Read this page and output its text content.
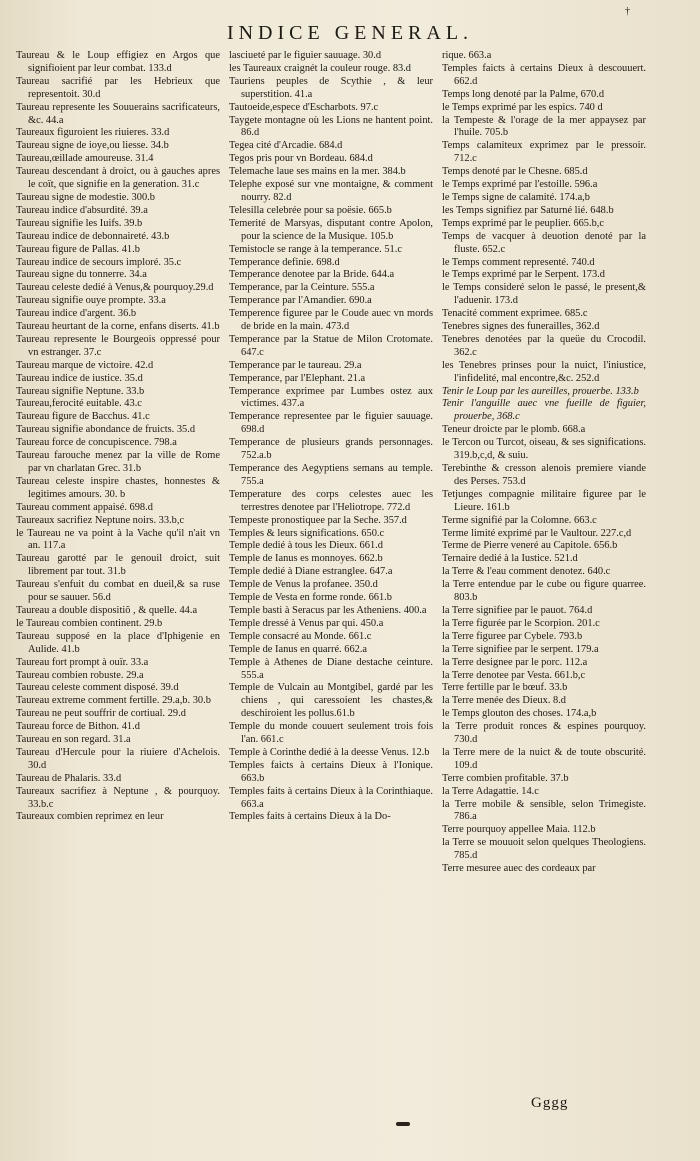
†
INDICE GENERAL.

Taureau & le Loup effigiez en Argos que signifioient par leur combat. 133.d

Taureau sacrifié par les Hebrieux que representoit. 30.d

Taureau represente les Souuerains sacrificateurs, &c. 44.a

Taureaux figuroient les riuieres. 33.d

Taureau signe de ioye,ou liesse. 34.b

Taureau,œillade amoureuse. 31.4

Taureau descendant à droict, ou à gauches apres le coït, que signifie en la generation. 31.c

Taureau signe de modestie. 300.b

Taureau indice d'absurdité. 39.a

Taureau signifie les Iuifs. 39.b

Taureau indice de debonnaireté. 43.b

Taureau figure de Pallas. 41.b

Taureau indice de secours imploré. 35.c

Taureau signe du tonnerre. 34.a

Taureau celeste dedié à Venus,& pourquoy.29.d

Taureau signifie ouye prompte. 33.a

Taureau indice d'argent. 36.b

Taureau heurtant de la corne, enfans diserts. 41.b

Taureau represente le Bourgeois oppressé pour vn estranger. 37.c

Taureau marque de victoire. 42.d

Taureau indice de iustice. 35.d

Taureau signifie Neptune. 33.b

Taureau,ferocité euitable. 43.c

Taureau figure de Bacchus. 41.c

Taureau signifie abondance de fruicts. 35.d

Taureau force de concupiscence. 798.a

Taureau farouche menez par la ville de Rome par vn charlatan Grec. 31.b

Taureau celeste inspire chastes, honnestes & legitimes amours. 30. b

Taureau comment appaisé. 698.d

Taureaux sacrifiez Neptune noirs. 33.b,c

le Taureau ne va point à la Vache qu'il n'ait vn an. 117.a

Taureau garotté par le genouil droict, suit librement par tout. 31.b

Taureau s'enfuit du combat en dueil,& sa ruse pour se sauuer. 56.d

Taureau a double dispositiõ , & quelle. 44.a

le Taureau combien continent. 29.b

Taureau supposé en la place d'Iphigenie en Aulide. 41.b

Taureau fort prompt à ouïr. 33.a

Taureau combien robuste. 29.a

Taureau celeste comment disposé. 39.d

Taureau extreme comment fertille. 29.a,b. 30.b

Taureau ne peut souffrir de cortiual. 29.d

Taureau force de Bithon. 41.d

Taureau en son regard. 31.a

Taureau d'Hercule pour la riuiere d'Achelois. 30.d

Taureau de Phalaris. 33.d

Taureaux sacrifiez à Neptune , & pourquoy. 33.b.c

Taureaux combien reprimez en leur

lasciueté par le figuier sauuage. 30.d

les Taureaux craignét la couleur rouge. 83.d

Tauriens peuples de Scythie , & leur superstition. 41.a

Tautoeide,espece d'Escharbots. 97.c

Taygete montagne où les Lions ne hantent point. 86.d

Tegea cité d'Arcadie. 684.d

Tegos pris pour vn Bordeau. 684.d

Telemache laue ses mains en la mer. 384.b

Telephe exposé sur vne montaigne, & comment nourry. 82.d

Telesilla celebrée pour sa poësie. 665.b

Temerité de Marsyas, disputant contre Apolon, pour la science de la Musique. 105.b

Temistocle se range à la temperance. 51.c

Temperance definie. 698.d

Temperance denotee par la Bride. 644.a

Temperance, par la Ceinture. 555.a

Temperance par l'Amandier. 690.a

Temperence figuree par le Coude auec vn mords de bride en la main. 473.d

Temperance par la Statue de Milon Crotomate. 647.c

Temperance par le taureau. 29.a

Temperance, par l'Elephant. 21.a

Temperance exprimee par Lumbes ostez aux victimes. 437.a

Temperance representee par le figuier sauuage. 698.d

Temperance de plusieurs grands personnages. 752.a.b

Temperance des Aegyptiens semans au temple. 755.a

Temperature des corps celestes auec les terrestres denotee par l'Heliotrope. 772.d

Tempeste pronostiquee par la Seche. 357.d

Temples & leurs significations. 650.c

Temple dedié à tous les Dieux. 661.d

Temple de Ianus es monnoyes. 662.b

Temple dedié à Diane estranglee. 647.a

Temple de Venus la profanee. 350.d

Temple de Vesta en forme ronde. 661.b

Temple basti à Seracus par les Atheniens. 400.a

Temple dressé à Venus par qui. 450.a

Temple consacré au Monde. 661.c

Temple de Ianus en quarré. 662.a

Temple à Athenes de Diane destache ceinture. 555.a

Temple de Vulcain au Montgibel, gardé par les chiens , qui caressoient les chastes,& deschiroient les pollus.61.b

Temple du monde couuert seulement trois fois l'an. 661.c

Temple à Corinthe dedié à la deesse Venus. 12.b

Temples faicts à certains Dieux à l'Ionique. 663.b

Temples faits à certains Dieux à la Corinthiaque. 663.a

Temples faits à certains Dieux à la Do-

rique. 663.a

Temples faicts à certains Dieux à descouuert. 662.d

Temps long denoté par la Palme, 670.d

le Temps exprimé par les espics. 740 d

la Tempeste & l'orage de la mer appaysez par l'huile. 705.b

Temps calamiteux exprimez par le pressoir. 712.c

Temps denoté par le Chesne. 685.d

le Temps exprimé par l'estoille. 596.a

le Temps signe de calamité. 174.a,b

les Temps signifiez par Saturné lié. 648.b

Temps exprimé par le peuplier. 665.b,c

Temps de vacquer à deuotion denoté par la fluste. 652.c

le Temps comment representé. 740.d

le Temps exprimé par le Serpent. 173.d

le Temps consideré selon le passé, le present,& l'aduenir. 173.d

Tenacité comment exprimee. 685.c

Tenebres signes des funerailles, 362.d

Tenebres denotées par la queüe du Crocodil. 362.c

les Tenebres prinses pour la nuict, l'iniustice, l'infidelité, mal encontre,&c. 252.d

Tenir le Loup par les aureilles, prouerbe. 133.b

Tenir l'anguille auec vne fueille de figuier, prouerbe, 368.c

Teneur droicte par le plomb. 668.a

le Tercon ou Turcot, oiseau, & ses significations. 319.b,c,d, & suiu.

Terebinthe & cresson alenois premiere viande des Perses. 753.d

Tetjunges compagnie militaire figuree par le Lieure. 161.b

Terme signifié par la Colomne. 663.c

Terme limité exprimé par le Vaultour. 227.c,d

Terme de Pierre veneré au Capitole. 656.b

Ternaire dedié à la Iustice. 521.d

la Terre & l'eau comment denotez. 640.c

la Terre entendue par le cube ou figure quarree. 803.b

la Terre signifiee par le pauot. 764.d

la Terre figurée par le Scorpion. 201.c

la Terre figuree par Cybele. 793.b

la Terre signifiee par le serpent. 179.a

la Terre designee par le porc. 112.a

la Terre denotee par Vesta. 661.b,c

Terre fertille par le bœuf. 33.b

la Terre menée des Dieux. 8.d

le Temps glouton des choses. 174.a,b

la Terre produit ronces & espines pourquoy. 730.d

la Terre mere de la nuict & de toute obscurité. 109.d

Terre combien profitable. 37.b

la Terre Adagattie. 14.c

la Terre mobile & sensible, selon Trimegiste. 786.a

Terre pourquoy appellee Maia. 112.b

la Terre se mouuoit selon quelques Theologiens. 785.d

Terre mesuree auec des cordeaux par

Gggg
